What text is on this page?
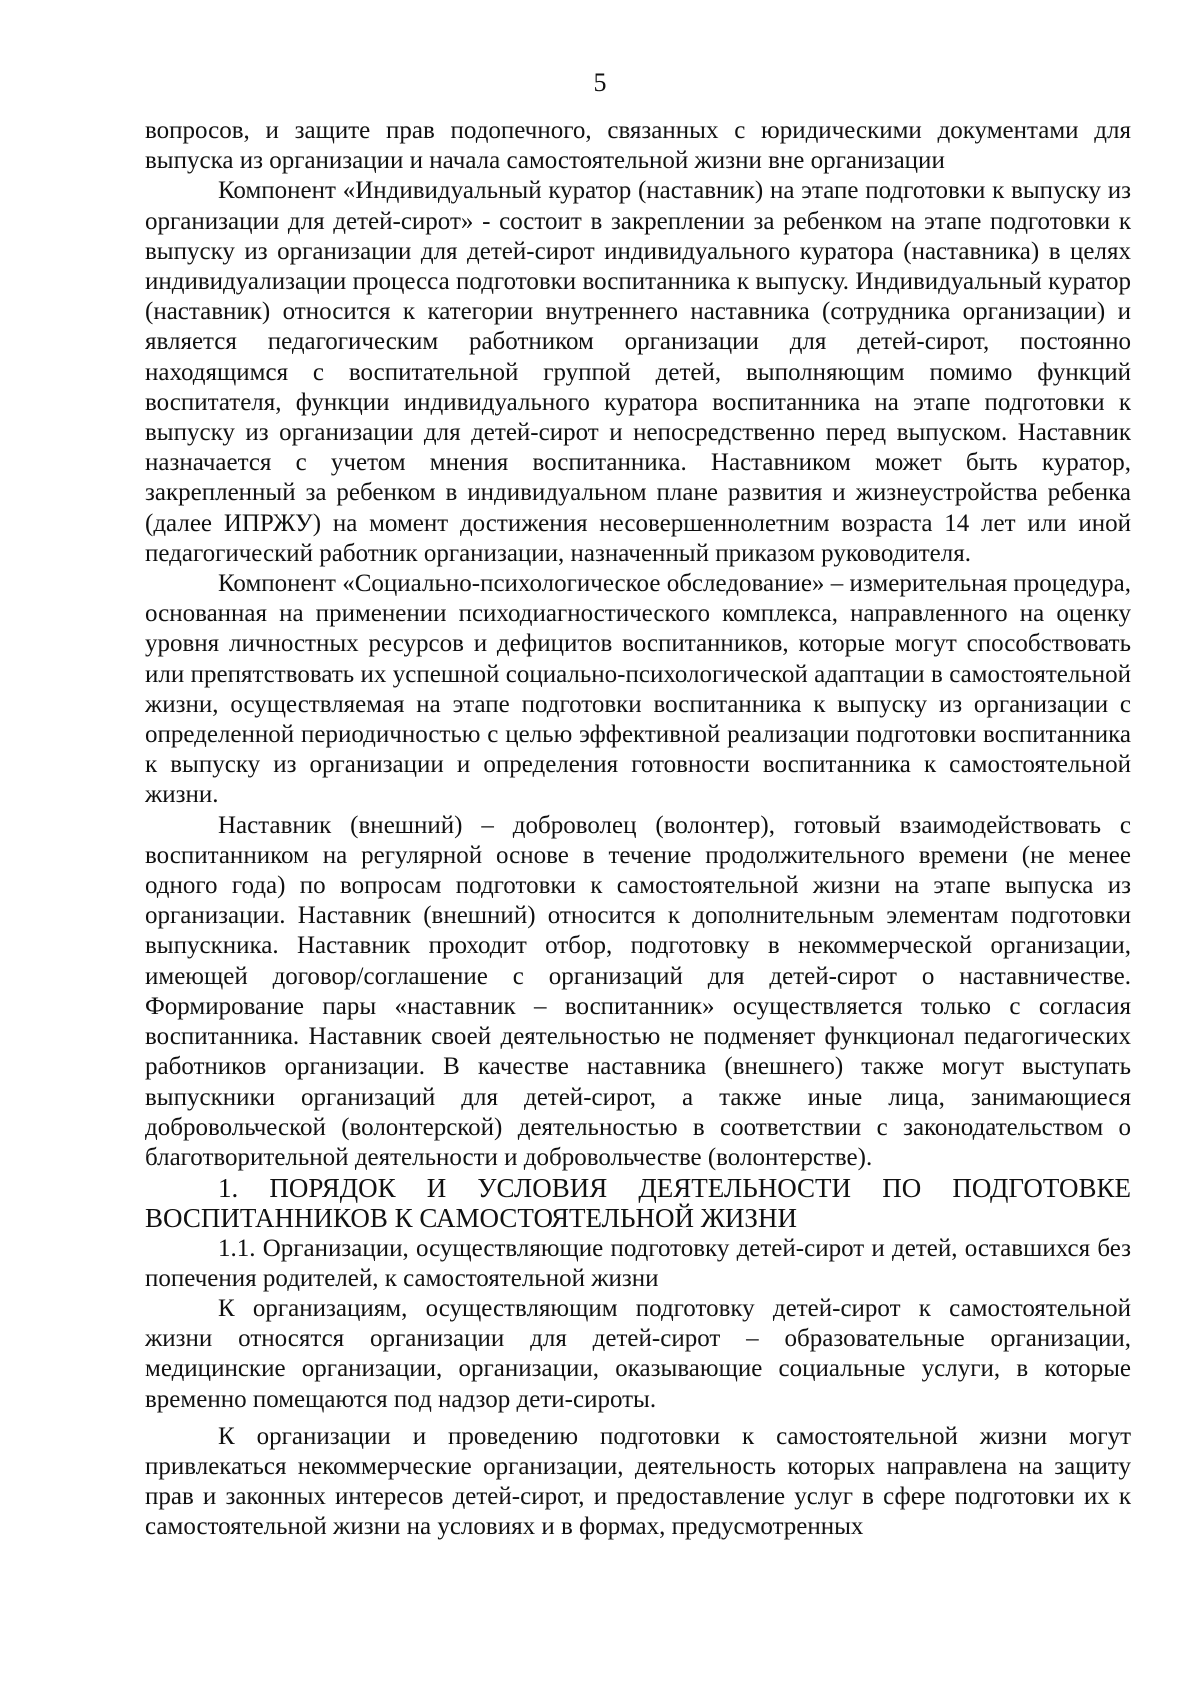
5

вопросов, и защите прав подопечного, связанных с юридическими документами для выпуска из организации и начала самостоятельной жизни вне организации

Компонент «Индивидуальный куратор (наставник) на этапе подготовки к выпуску из организации для детей-сирот» - состоит в закреплении за ребенком на этапе подготовки к выпуску из организации для детей-сирот индивидуального куратора (наставника) в целях индивидуализации процесса подготовки воспитанника к выпуску. Индивидуальный куратор (наставник) относится к категории внутреннего наставника (сотрудника организации) и является педагогическим работником организации для детей-сирот, постоянно находящимся с воспитательной группой детей, выполняющим помимо функций воспитателя, функции индивидуального куратора воспитанника на этапе подготовки к выпуску из организации для детей-сирот и непосредственно перед выпуском. Наставник назначается с учетом мнения воспитанника. Наставником может быть куратор, закрепленный за ребенком в индивидуальном плане развития и жизнеустройства ребенка (далее ИПРЖУ) на момент достижения несовершеннолетним возраста 14 лет или иной педагогический работник организации, назначенный приказом руководителя.

Компонент «Социально-психологическое обследование» – измерительная процедура, основанная на применении психодиагностического комплекса, направленного на оценку уровня личностных ресурсов и дефицитов воспитанников, которые могут способствовать или препятствовать их успешной социально-психологической адаптации в самостоятельной жизни, осуществляемая на этапе подготовки воспитанника к выпуску из организации с определенной периодичностью с целью эффективной реализации подготовки воспитанника к выпуску из организации и определения готовности воспитанника к самостоятельной жизни.

Наставник (внешний) – доброволец (волонтер), готовый взаимодействовать с воспитанником на регулярной основе в течение продолжительного времени (не менее одного года) по вопросам подготовки к самостоятельной жизни на этапе выпуска из организации. Наставник (внешний) относится к дополнительным элементам подготовки выпускника. Наставник проходит отбор, подготовку в некоммерческой организации, имеющей договор/соглашение с организаций для детей-сирот о наставничестве. Формирование пары «наставник – воспитанник» осуществляется только с согласия воспитанника. Наставник своей деятельностью не подменяет функционал педагогических работников организации. В качестве наставника (внешнего) также могут выступать выпускники организаций для детей-сирот, а также иные лица, занимающиеся добровольческой (волонтерской) деятельностью в соответствии с законодательством о благотворительной деятельности и добровольчестве (волонтерстве).

1. ПОРЯДОК И УСЛОВИЯ ДЕЯТЕЛЬНОСТИ ПО ПОДГОТОВКЕ ВОСПИТАННИКОВ К САМОСТОЯТЕЛЬНОЙ ЖИЗНИ

1.1. Организации, осуществляющие подготовку детей-сирот и детей, оставшихся без попечения родителей, к самостоятельной жизни

К организациям, осуществляющим подготовку детей-сирот к самостоятельной жизни относятся организации для детей-сирот – образовательные организации, медицинские организации, организации, оказывающие социальные услуги, в которые временно помещаются под надзор дети-сироты.

К организации и проведению подготовки к самостоятельной жизни могут привлекаться некоммерческие организации, деятельность которых направлена на защиту прав и законных интересов детей-сирот, и предоставление услуг в сфере подготовки их к самостоятельной жизни на условиях и в формах, предусмотренных
